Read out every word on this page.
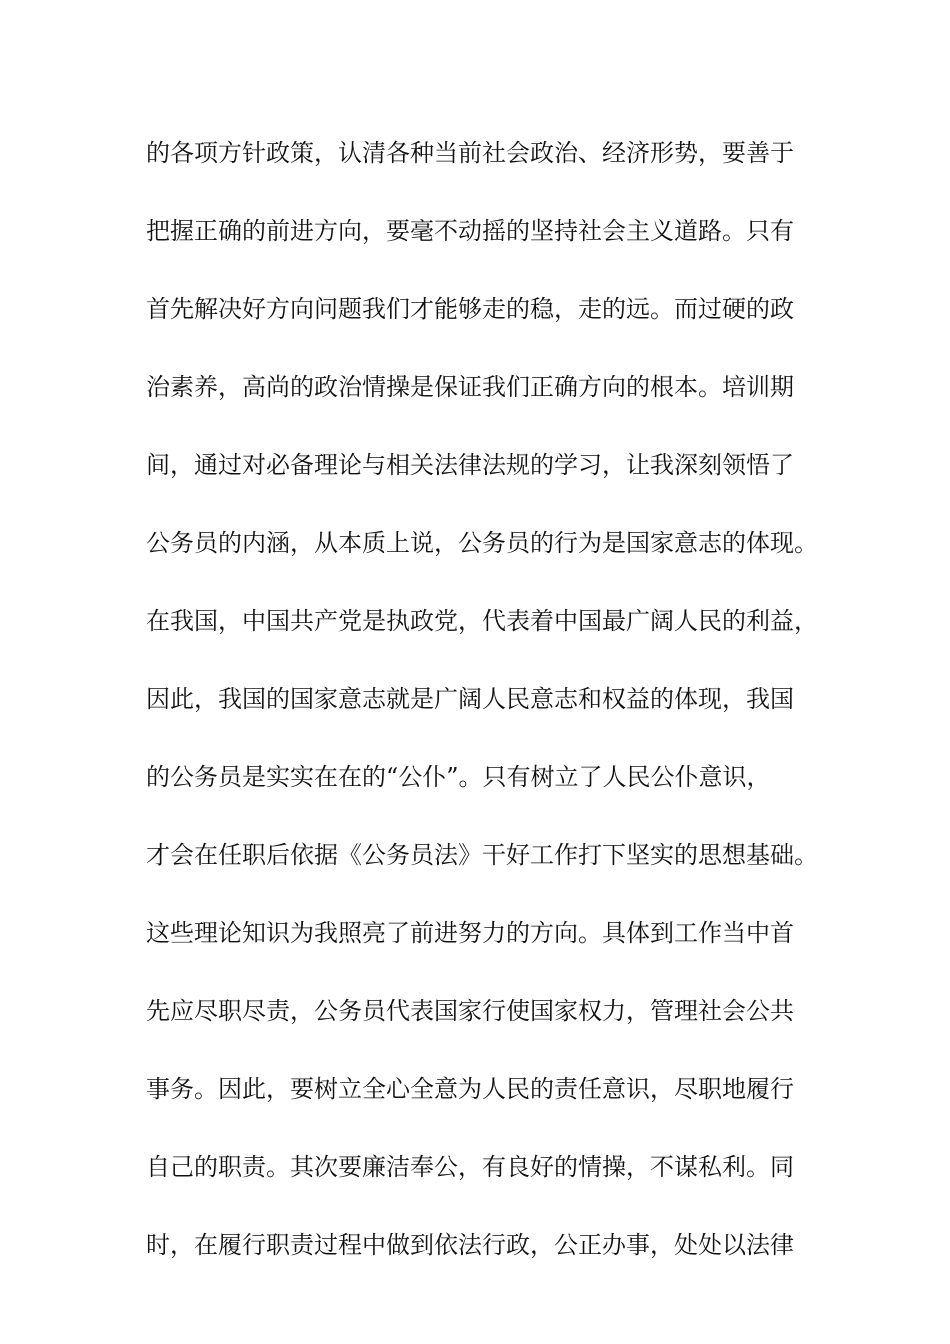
的各项方针政策，认清各种当前社会政治、经济形势，要善于
把握正确的前进方向，要毫不动摇的坚持社会主义道路。只有
首先解决好方向问题我们才能够走的稳，走的远。而过硬的政
治素养，高尚的政治情操是保证我们正确方向的根本。培训期
间，通过对必备理论与相关法律法规的学习，让我深刻领悟了
公务员的内涵，从本质上说，公务员的行为是国家意志的体现。
在我国，中国共产党是执政党，代表着中国最广阔人民的利益，
因此，我国的国家意志就是广阔人民意志和权益的体现，我国
的公务员是实实在在的“公仆”。只有树立了人民公仆意识，
才会在任职后依据《公务员法》干好工作打下坚实的思想基础。
这些理论知识为我照亮了前进努力的方向。具体到工作当中首
先应尽职尽责，公务员代表国家行使国家权力，管理社会公共
事务。因此，要树立全心全意为人民的责任意识，尽职地履行
自己的职责。其次要廉洁奉公，有良好的情操，不谋私利。同
时，在履行职责过程中做到依法行政，公正办事，处处以法律
